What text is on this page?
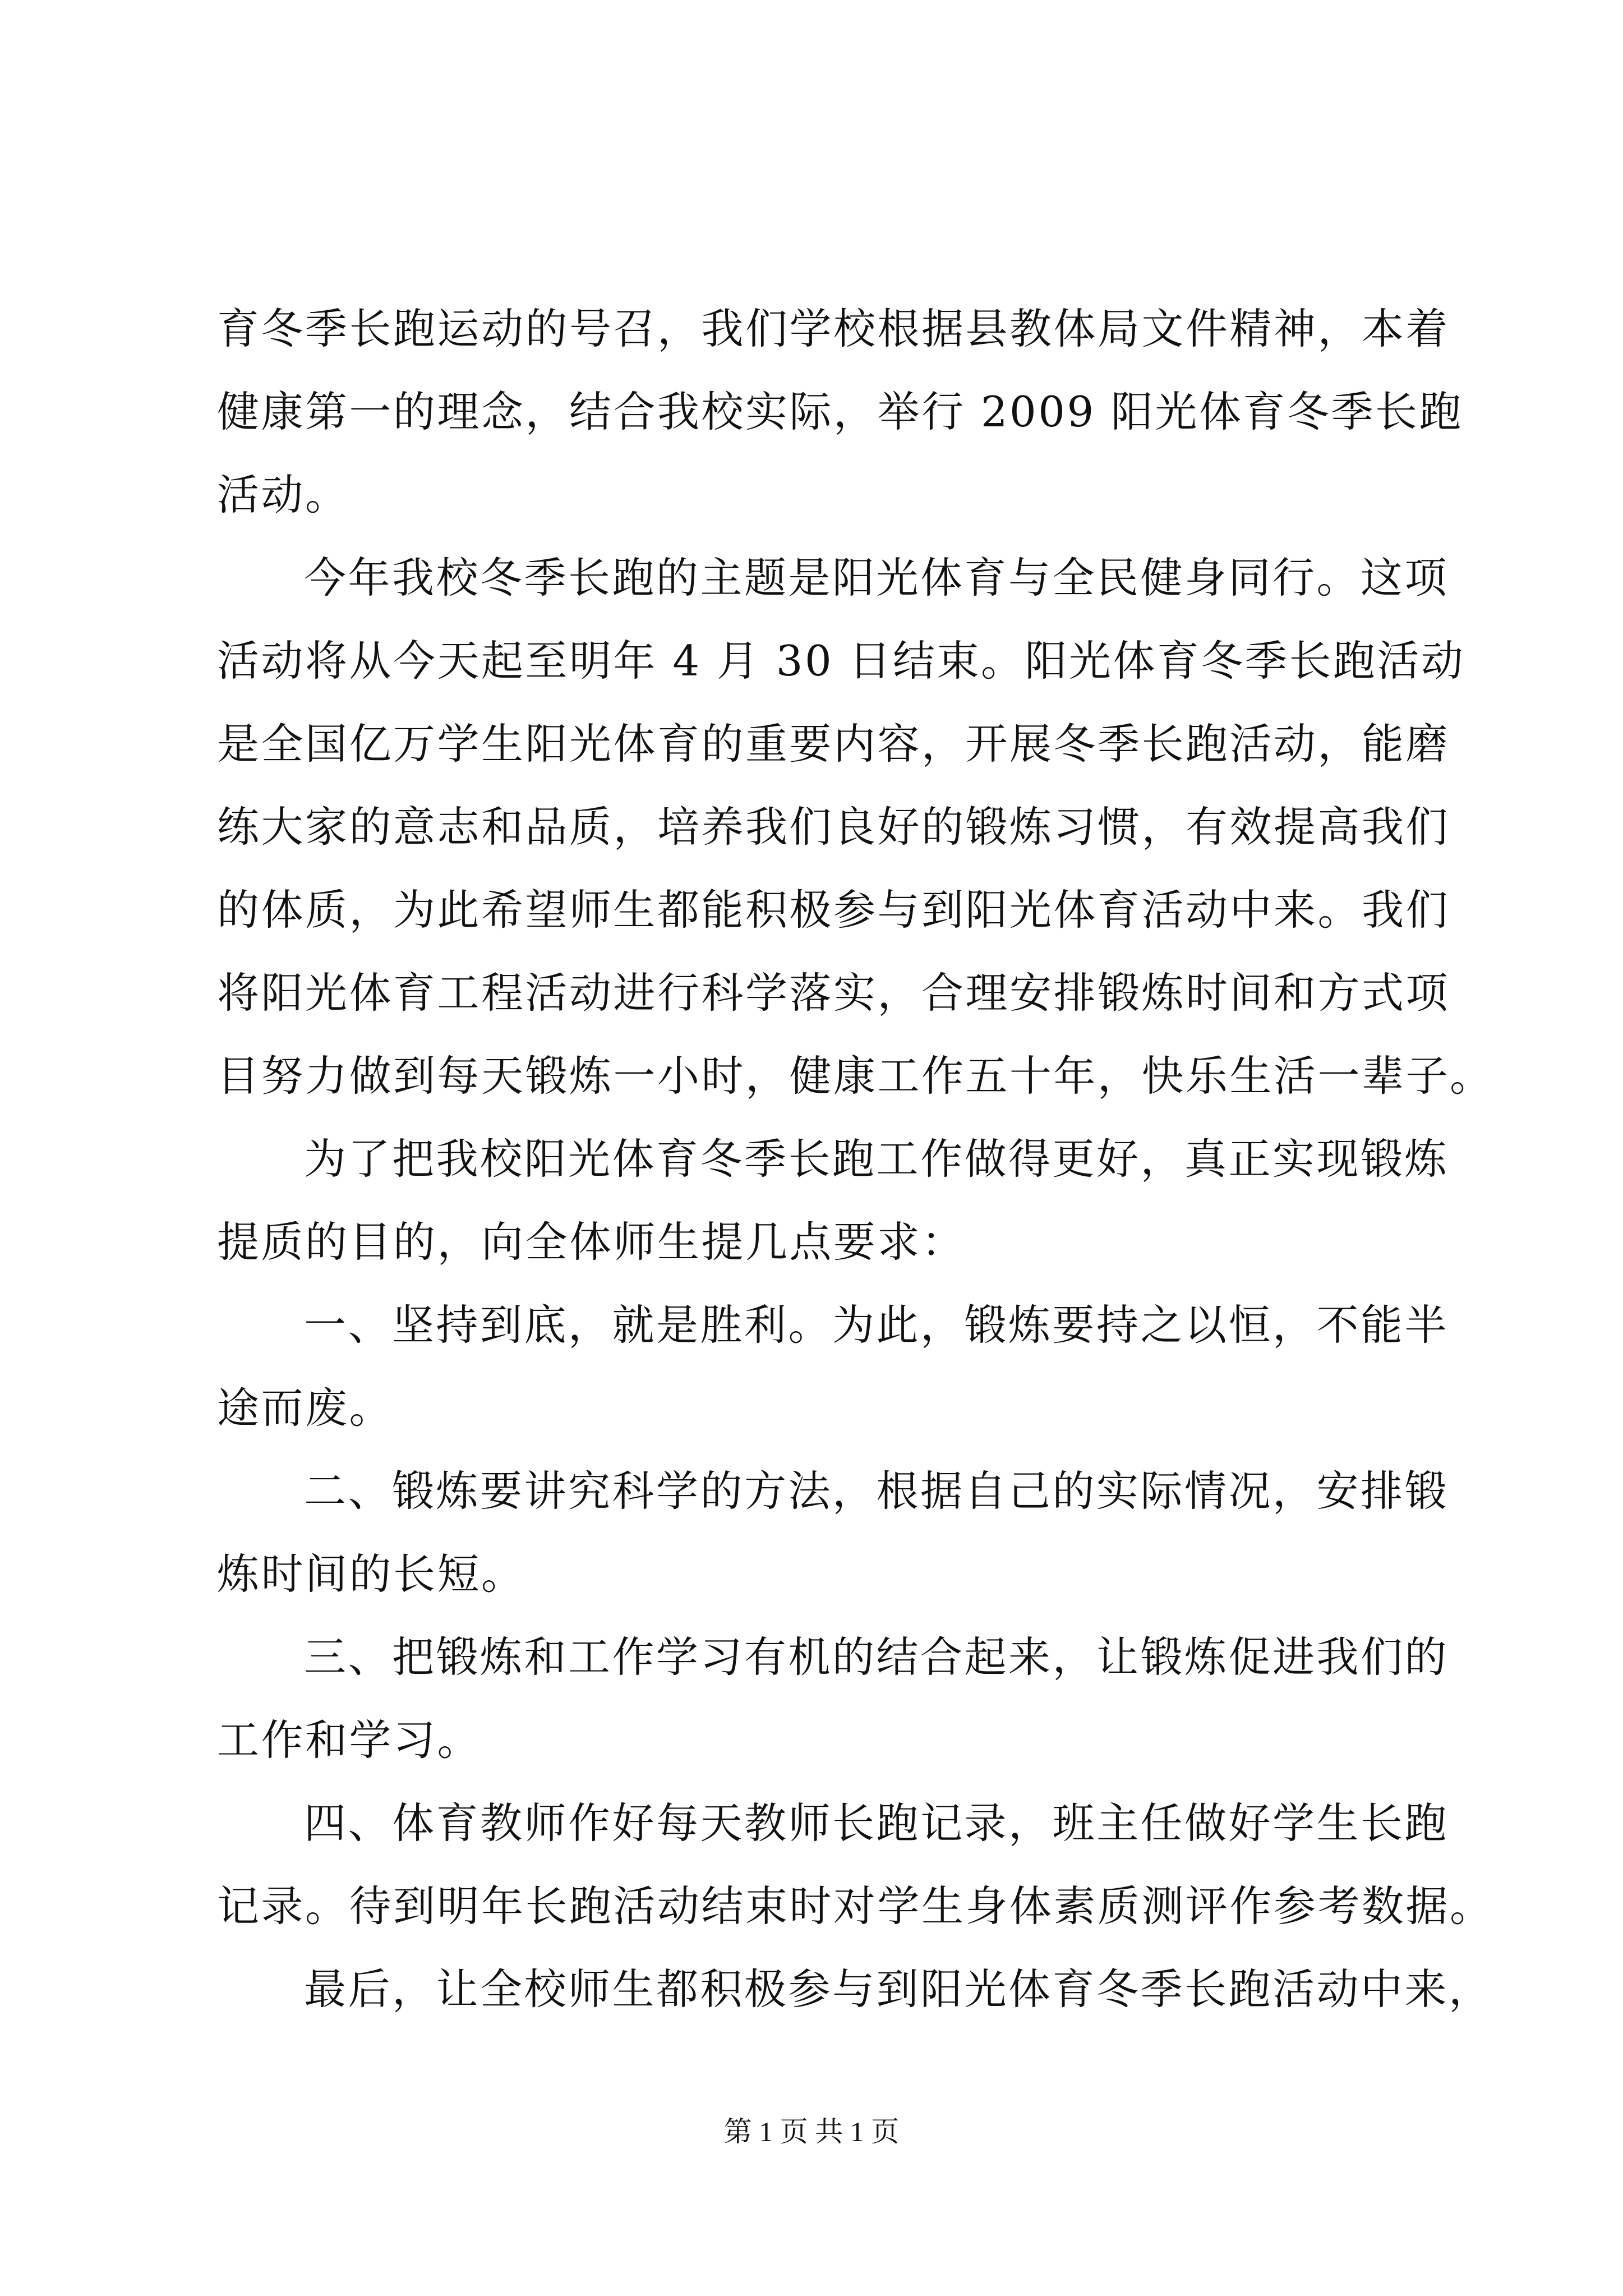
育冬季长跑运动的号召，我们学校根据县教体局文件精神，本着
健康第一的理念，结合我校实际，举行 2009 阳光体育冬季长跑
活动。
今年我校冬季长跑的主题是阳光体育与全民健身同行。这项
活动将从今天起至明年 4 月 30 日结束。阳光体育冬季长跑活动
是全国亿万学生阳光体育的重要内容，开展冬季长跑活动，能磨
练大家的意志和品质，培养我们良好的锻炼习惯，有效提高我们
的体质，为此希望师生都能积极参与到阳光体育活动中来。我们
将阳光体育工程活动进行科学落实，合理安排锻炼时间和方式项
目努力做到每天锻炼一小时，健康工作五十年，快乐生活一辈子。
为了把我校阳光体育冬季长跑工作做得更好，真正实现锻炼
提质的目的，向全体师生提几点要求：
一、坚持到底，就是胜利。为此，锻炼要持之以恒，不能半
途而废。
二、锻炼要讲究科学的方法，根据自己的实际情况，安排锻
炼时间的长短。
三、把锻炼和工作学习有机的结合起来，让锻炼促进我们的
工作和学习。
四、体育教师作好每天教师长跑记录，班主任做好学生长跑
记录。待到明年长跑活动结束时对学生身体素质测评作参考数据。
最后，让全校师生都积极参与到阳光体育冬季长跑活动中来，
第 1 页 共 1 页
